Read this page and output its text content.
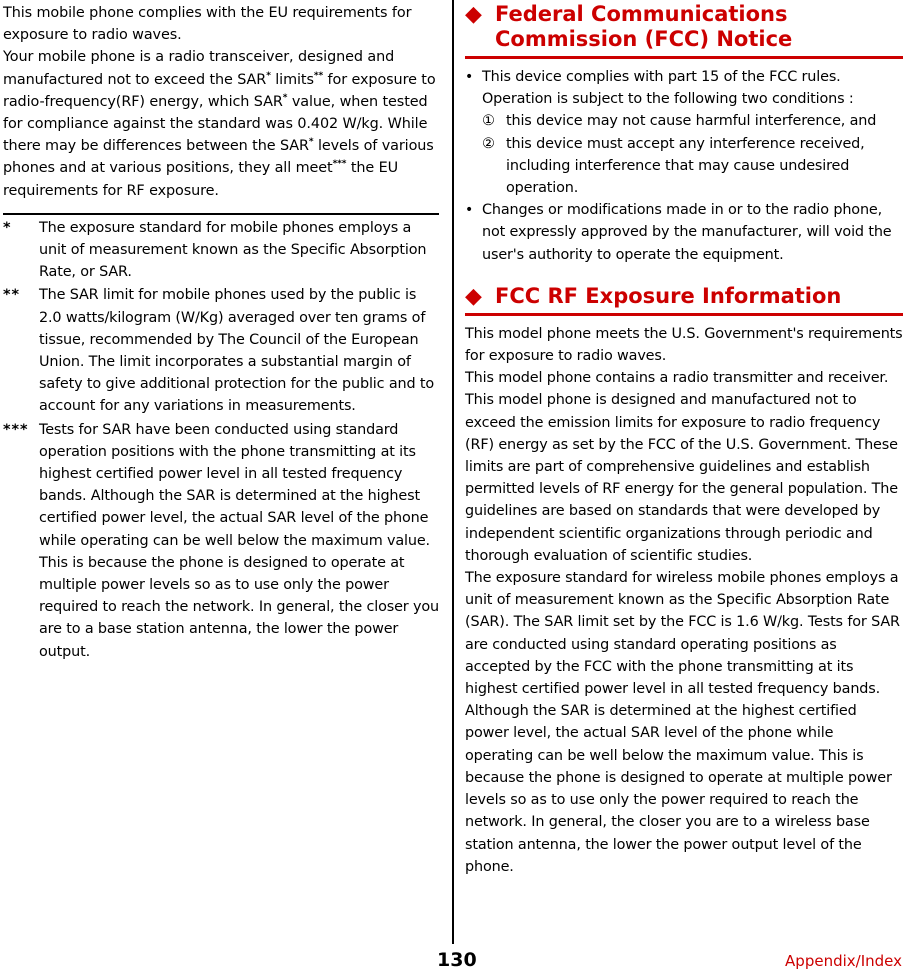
This mobile phone complies with the EU requirements for exposure to radio waves.

Your mobile phone is a radio transceiver, designed and manufactured not to exceed the SAR* limits** for exposure to radio-frequency(RF) energy, which SAR* value, when tested for compliance against the standard was 0.402 W/kg. While there may be differences between the SAR* levels of various phones and at various positions, they all meet*** the EU requirements for RF exposure.

*	The exposure standard for mobile phones employs a unit of measurement known as the Specific Absorption Rate, or SAR.
**	The SAR limit for mobile phones used by the public is 2.0 watts/kilogram (W/Kg) averaged over ten grams of tissue, recommended by The Council of the European Union. The limit incorporates a substantial margin of safety to give additional protection for the public and to account for any variations in measurements.
*** Tests for SAR have been conducted using standard operation positions with the phone transmitting at its highest certified power level in all tested frequency bands. Although the SAR is determined at the highest certified power level, the actual SAR level of the phone while operating can be well below the maximum value. This is because the phone is designed to operate at multiple power levels so as to use only the power required to reach the network. In general, the closer you are to a base station antenna, the lower the power output.
◆ Federal Communications
Commission (FCC) Notice
• This device complies with part 15 of the FCC rules.
Operation is subject to the following two conditions :
① this device may not cause harmful interference, and
② this device must accept any interference received, including interference that may cause undesired operation.
• Changes or modifications made in or to the radio phone, not expressly approved by the manufacturer, will void the user's authority to operate the equipment.
◆ FCC RF Exposure Information

This model phone meets the U.S. Government's requirements for exposure to radio waves.

This model phone contains a radio transmitter and receiver. This model phone is designed and manufactured not to exceed the emission limits for exposure to radio frequency (RF) energy as set by the FCC of the U.S. Government. These limits are part of comprehensive guidelines and establish permitted levels of RF energy for the general population. The guidelines are based on standards that were developed by independent scientific organizations through periodic and thorough evaluation of scientific studies.

The exposure standard for wireless mobile phones employs a unit of measurement known as the Specific Absorption Rate (SAR). The SAR limit set by the FCC is 1.6 W/kg. Tests for SAR are conducted using standard operating positions as accepted by the FCC with the phone transmitting at its highest certified power level in all tested frequency bands. Although the SAR is determined at the highest certified power level, the actual SAR level of the phone while operating can be well below the maximum value. This is because the phone is designed to operate at multiple power levels so as to use only the power required to reach the network. In general, the closer you are to a wireless base station antenna, the lower the power output level of the phone.

130	Appendix/Index
